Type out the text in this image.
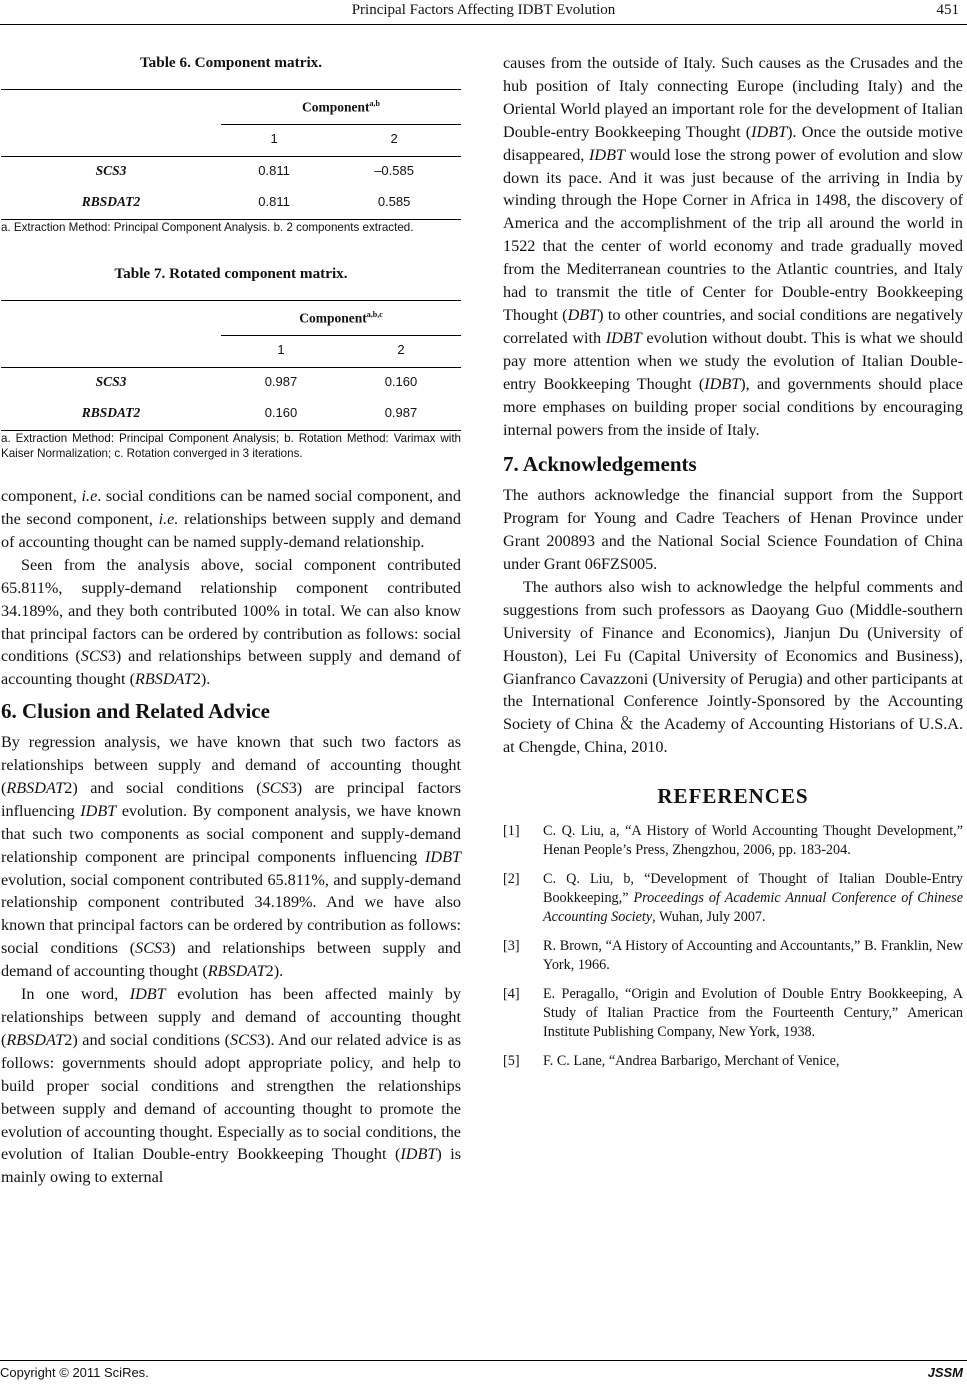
Principal Factors Affecting IDBT Evolution	451
Table 6. Component matrix.
	Component$^{a,b}$
	1	2
SCS3	0.811	–0.585
RBSDAT2	0.811	0.585

a. Extraction Method: Principal Component Analysis. b. 2 components extracted.

Table 7. Rotated component matrix.
	Component$^{a,b,c}$
	1	2
SCS3	0.987	0.160
RBSDAT2	0.160	0.987

a. Extraction Method: Principal Component Analysis; b. Rotation Method: Varimax with Kaiser Normalization; c. Rotation converged in 3 iterations.

component, i.e. social conditions can be named social component, and the second component, i.e. relationships between supply and demand of accounting thought can be named supply-demand relationship.

Seen from the analysis above, social component contributed 65.811%, supply-demand relationship component contributed 34.189%, and they both contributed 100% in total. We can also know that principal factors can be ordered by contribution as follows: social conditions (SCS3) and relationships between supply and demand of accounting thought (RBSDAT2).

6. Clusion and Related Advice

By regression analysis, we have known that such two factors as relationships between supply and demand of accounting thought (RBSDAT2) and social conditions (SCS3) are principal factors influencing IDBT evolution. By component analysis, we have known that such two components as social component and supply-demand relationship component are principal components influencing IDBT evolution, social component contributed 65.811%, and supply-demand relationship component contributed 34.189%. And we have also known that principal factors can be ordered by contribution as follows: social conditions (SCS3) and relationships between supply and demand of accounting thought (RBSDAT2).

In one word, IDBT evolution has been affected mainly by relationships between supply and demand of accounting thought (RBSDAT2) and social conditions (SCS3). And our related advice is as follows: governments should adopt appropriate policy, and help to build proper social conditions and strengthen the relationships between supply and demand of accounting thought to promote the evolution of accounting thought. Especially as to social conditions, the evolution of Italian Double-entry Bookkeeping Thought (IDBT) is mainly owing to external

causes from the outside of Italy. Such causes as the Crusades and the hub position of Italy connecting Europe (including Italy) and the Oriental World played an important role for the development of Italian Double-entry Bookkeeping Thought (IDBT). Once the outside motive disappeared, IDBT would lose the strong power of evolution and slow down its pace. And it was just because of the arriving in India by winding through the Hope Corner in Africa in 1498, the discovery of America and the accomplishment of the trip all around the world in 1522 that the center of world economy and trade gradually moved from the Mediterranean countries to the Atlantic countries, and Italy had to transmit the title of Center for Double-entry Bookkeeping Thought (DBT) to other countries, and social conditions are negatively correlated with IDBT evolution without doubt. This is what we should pay more attention when we study the evolution of Italian Double-entry Bookkeeping Thought (IDBT), and governments should place more emphases on building proper social conditions by encouraging internal powers from the inside of Italy.

7. Acknowledgements

The authors acknowledge the financial support from the Support Program for Young and Cadre Teachers of Henan Province under Grant 200893 and the National Social Science Foundation of China under Grant 06FZS005.

The authors also wish to acknowledge the helpful comments and suggestions from such professors as Daoyang Guo (Middle-southern University of Finance and Economics), Jianjun Du (University of Houston), Lei Fu (Capital University of Economics and Business), Gianfranco Cavazzoni (University of Perugia) and other participants at the International Conference Jointly-Sponsored by the Accounting Society of China ＆ the Academy of Accounting Historians of U.S.A. at Chengde, China, 2010.

REFERENCES
[1]	C. Q. Liu, a, “A History of World Accounting Thought Development,” Henan People’s Press, Zhengzhou, 2006, pp. 183-204.
[2]	C. Q. Liu, b, “Development of Thought of Italian Double-Entry Bookkeeping,” Proceedings of Academic Annual Conference of Chinese Accounting Society, Wuhan, July 2007.
[3]	R. Brown, “A History of Accounting and Accountants,” B. Franklin, New York, 1966.
[4]	E. Peragallo, “Origin and Evolution of Double Entry Bookkeeping, A Study of Italian Practice from the Fourteenth Century,” American Institute Publishing Company, New York, 1938.
[5]	F. C. Lane, “Andrea Barbarigo, Merchant of Venice,
Copyright © 2011 SciRes.	JSSM
